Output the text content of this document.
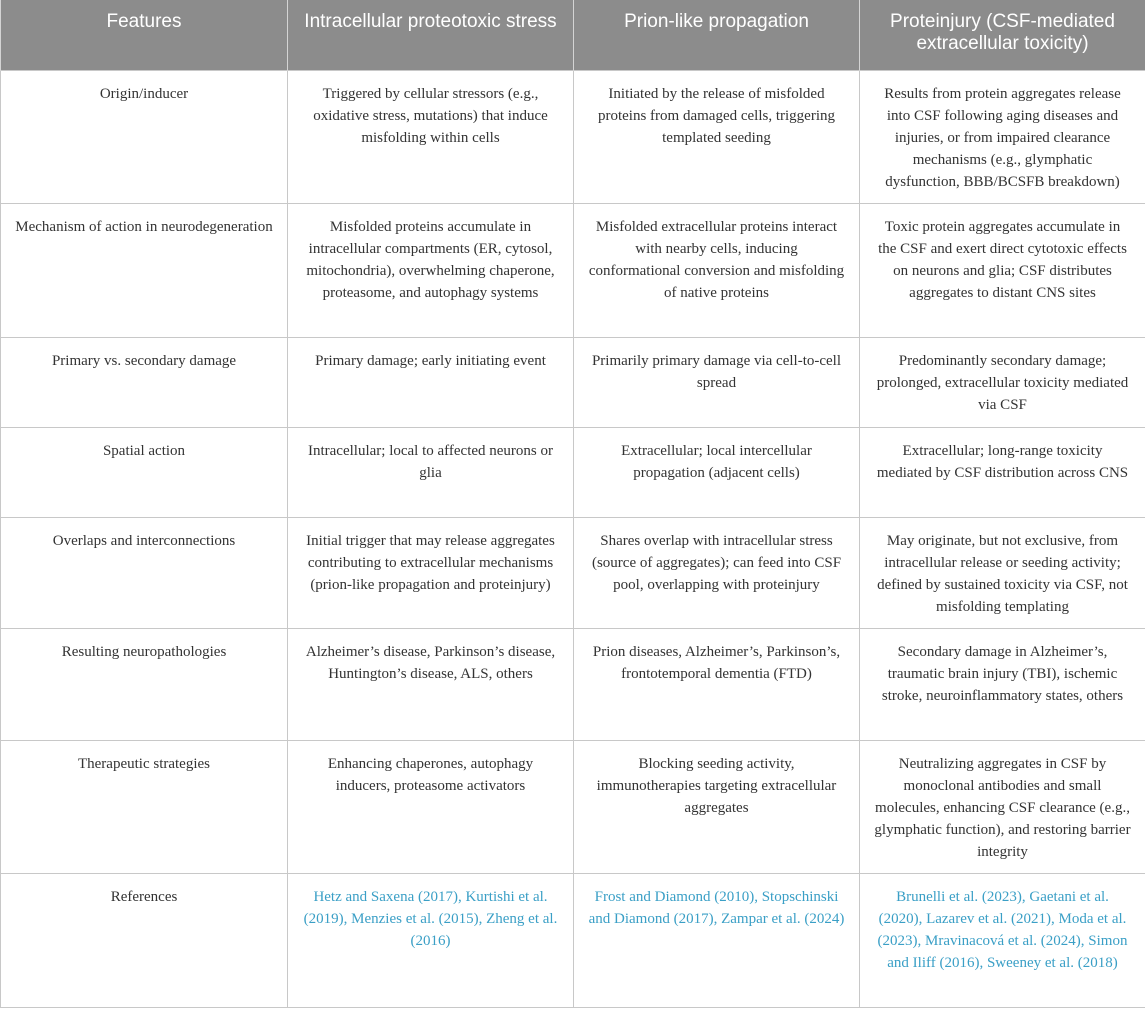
Features	Intracellular proteotoxic stress	Prion-like propagation	Proteinjury (CSF-mediated extracellular toxicity)
Origin/inducer	Triggered by cellular stressors (e.g., oxidative stress, mutations) that induce misfolding within cells	Initiated by the release of misfolded proteins from damaged cells, triggering templated seeding	Results from protein aggregates release into CSF following aging diseases and injuries, or from impaired clearance mechanisms (e.g., glymphatic dysfunction, BBB/BCSFB breakdown)
Mechanism of action in neurodegeneration	Misfolded proteins accumulate in intracellular compartments (ER, cytosol, mitochondria), overwhelming chaperone, proteasome, and autophagy systems	Misfolded extracellular proteins interact with nearby cells, inducing conformational conversion and misfolding of native proteins	Toxic protein aggregates accumulate in the CSF and exert direct cytotoxic effects on neurons and glia; CSF distributes aggregates to distant CNS sites
Primary vs. secondary damage	Primary damage; early initiating event	Primarily primary damage via cell-to-cell spread	Predominantly secondary damage; prolonged, extracellular toxicity mediated via CSF
Spatial action	Intracellular; local to affected neurons or glia	Extracellular; local intercellular propagation (adjacent cells)	Extracellular; long-range toxicity mediated by CSF distribution across CNS
Overlaps and interconnections	Initial trigger that may release aggregates contributing to extracellular mechanisms (prion-like propagation and proteinjury)	Shares overlap with intracellular stress (source of aggregates); can feed into CSF pool, overlapping with proteinjury	May originate, but not exclusive, from intracellular release or seeding activity; defined by sustained toxicity via CSF, not misfolding templating
Resulting neuropathologies	Alzheimer’s disease, Parkinson’s disease, Huntington’s disease, ALS, others	Prion diseases, Alzheimer’s, Parkinson’s, frontotemporal dementia (FTD)	Secondary damage in Alzheimer’s, traumatic brain injury (TBI), ischemic stroke, neuroinflammatory states, others
Therapeutic strategies	Enhancing chaperones, autophagy inducers, proteasome activators	Blocking seeding activity, immunotherapies targeting extracellular aggregates	Neutralizing aggregates in CSF by monoclonal antibodies and small molecules, enhancing CSF clearance (e.g., glymphatic function), and restoring barrier integrity
References	Hetz and Saxena (2017), Kurtishi et al. (2019), Menzies et al. (2015), Zheng et al. (2016)	Frost and Diamond (2010), Stopschinski and Diamond (2017), Zampar et al. (2024)	Brunelli et al. (2023), Gaetani et al. (2020), Lazarev et al. (2021), Moda et al. (2023), Mravinacová et al. (2024), Simon and Iliff (2016), Sweeney et al. (2018)
